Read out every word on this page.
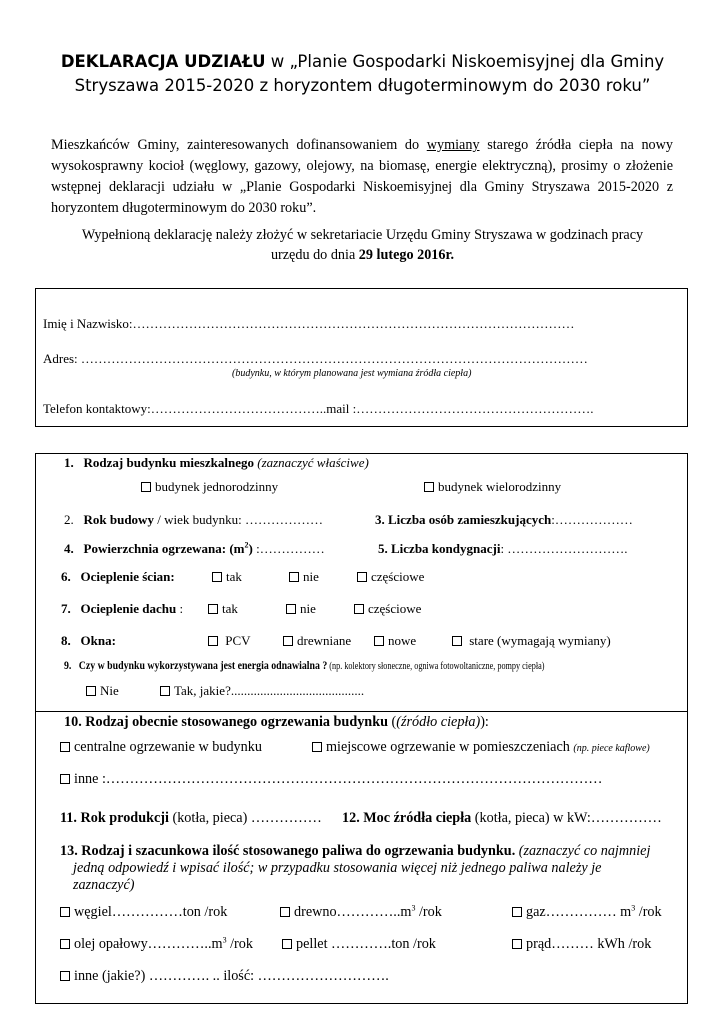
DEKLARACJA UDZIAŁU w „Planie Gospodarki Niskoemisyjnej dla Gminy
Stryszawa 2015-2020 z horyzontem długoterminowym do 2030 roku”
Mieszkańców Gminy, zainteresowanych dofinansowaniem do wymiany starego źródła ciepła na nowy wysokosprawny kocioł (węglowy, gazowy, olejowy, na biomasę, energie elektryczną), prosimy o złożenie wstępnej deklaracji udziału w „Planie Gospodarki Niskoemisyjnej dla Gminy Stryszawa 2015-2020 z horyzontem długoterminowym do 2030 roku”.
Wypełnioną deklarację należy złożyć w sekretariacie Urzędu Gminy Stryszawa w godzinach pracy
urzędu do dnia 29 lutego 2016r.
Imię i Nazwisko:…………………………………………………………………………………………
Adres: ………………………………………………………………………………………………………
(budynku, w którym planowana jest wymiana źródła ciepła)
Telefon kontaktowy:…………………………………..mail :……………………………………………….
1. Rodzaj budynku mieszkalnego (zaznaczyć właściwe)
budynek jednorodzinny	budynek wielorodzinny
2. Rok budowy / wiek budynku: ………………	3. Liczba osób zamieszkujących:………………
4. Powierzchnia ogrzewana: $(m^2)$ :……………	5. Liczba kondygnacji: ……………………….
6. Ocieplenie ścian:	tak	nie	częściowe
7. Ocieplenie dachu :	tak	nie	częściowe
8. Okna:	PCV	drewniane	nowe	stare (wymagają wymiany)
9. Czy w budynku wykorzystywana jest energia odnawialna ? (np. kolektory słoneczne, ogniwa fotowoltaniczne, pompy ciepła)
Nie	Tak, jakie?.........................................
10. Rodzaj obecnie stosowanego ogrzewania budynku ((źródło ciepła)):
centralne ogrzewanie w budynku	miejscowe ogrzewanie w pomieszczeniach (np. piece kaflowe)
inne :……………………………………………………………………………………………
11. Rok produkcji (kotła, pieca) …………… 12. Moc źródła ciepła (kotła, pieca) w kW:……………
13. Rodzaj i szacunkowa ilość stosowanego paliwa do ogrzewania budynku. (zaznaczyć co najmniej
jedną odpowiedź i wpisać ilość; w przypadku stosowania więcej niż jednego paliwa należy je
zaznaczyć)
węgiel……………ton /rok	$drewno\dots\dots\dots\dots..m^3$ /rok	gaz…………… $m^3$ /rok
olej $opałowy\dots\dots\dots\dots..m^3$ /rok	pellet ………….ton /rok	prąd……… kWh /rok
inne (jakie?) …………. .. ilość: ……………………….
